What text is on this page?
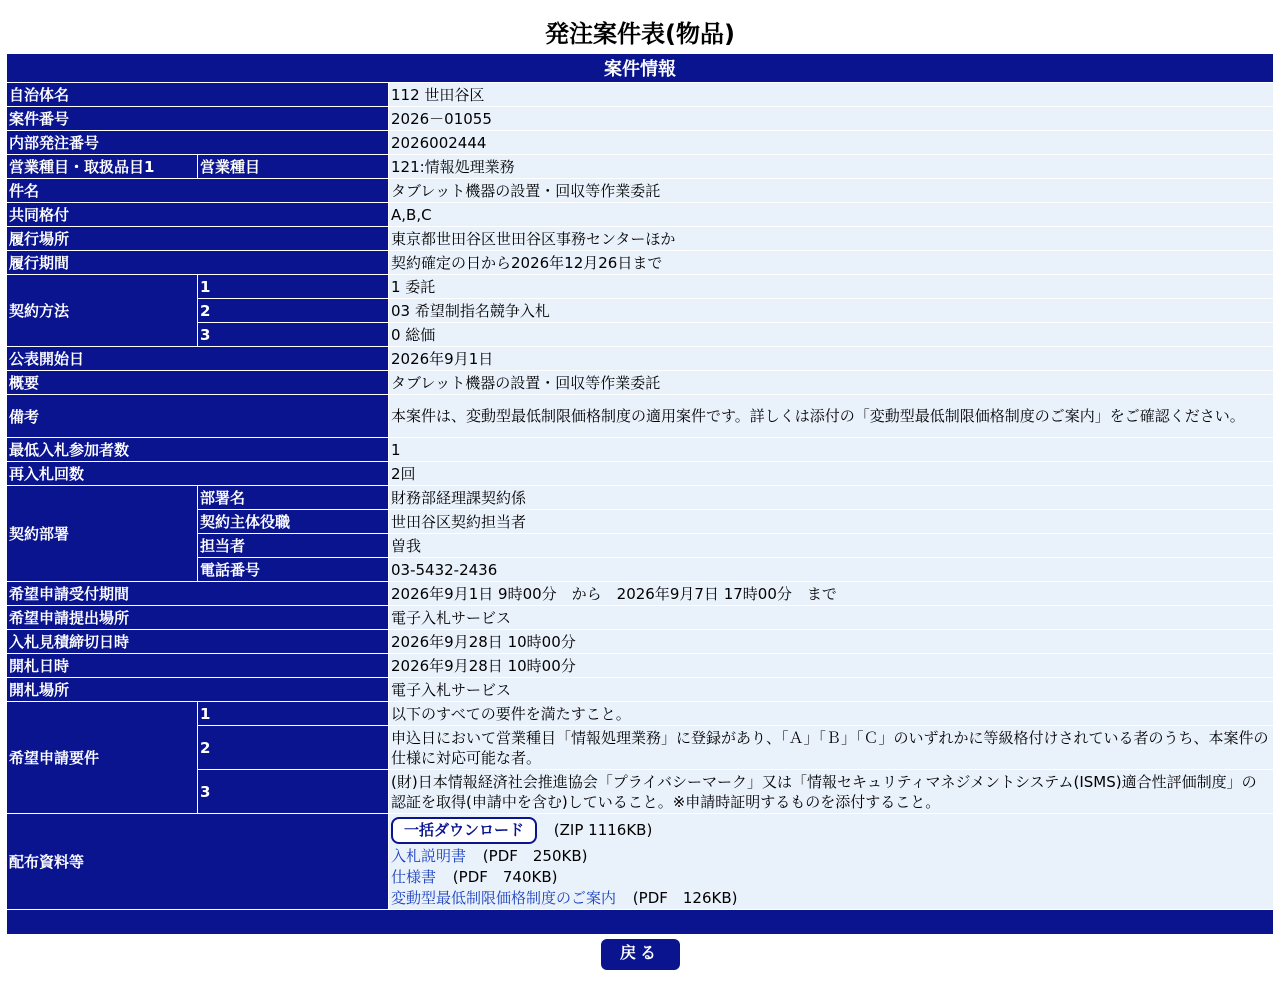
発注案件表(物品)
案件情報		
自治体名		112 世田谷区
案件番号		2026－01055
内部発注番号		2026002444
営業種目・取扱品目1	営業種目	121:情報処理業務
件名		タブレット機器の設置・回収等作業委託
共同格付		A,B,C
履行場所		東京都世田谷区世田谷区事務センターほか
履行期間		契約確定の日から2026年12月26日まで
契約方法	1	1 委託
	2	03 希望制指名競争入札
	3	0 総価
公表開始日		2026年9月1日
概要		タブレット機器の設置・回収等作業委託
備考		本案件は、変動型最低制限価格制度の適用案件です。詳しくは添付の「変動型最低制限価格制度のご案内」をご確認ください。
最低入札参加者数		1
再入札回数		2回
契約部署	部署名	財務部経理課契約係
	契約主体役職	世田谷区契約担当者
	担当者	曽我
	電話番号	03-5432-2436
希望申請受付期間		2026年9月1日 9時00分　から　2026年9月7日 17時00分　まで
希望申請提出場所		電子入札サービス
入札見積締切日時		2026年9月28日 10時00分
開札日時		2026年9月28日 10時00分
開札場所		電子入札サービス
希望申請要件	1	以下のすべての要件を満たすこと。
	2	申込日において営業種目「情報処理業務」に登録があり、「Ａ」「Ｂ」「Ｃ」のいずれかに等級格付けされている者のうち、本案件の仕様に対応可能な者。
	3	(財)日本情報経済社会推進協会「プライバシーマーク」又は「情報セキュリティマネジメントシステム(ISMS)適合性評価制度」の認証を取得(申請中を含む)していること。※申請時証明するものを添付すること。
配布資料等		一括ダウンロード (ZIP 1116KB)
入札説明書 (PDF　250KB)
仕様書 (PDF　740KB)
変動型最低制限価格制度のご案内 (PDF　126KB)

戻る
